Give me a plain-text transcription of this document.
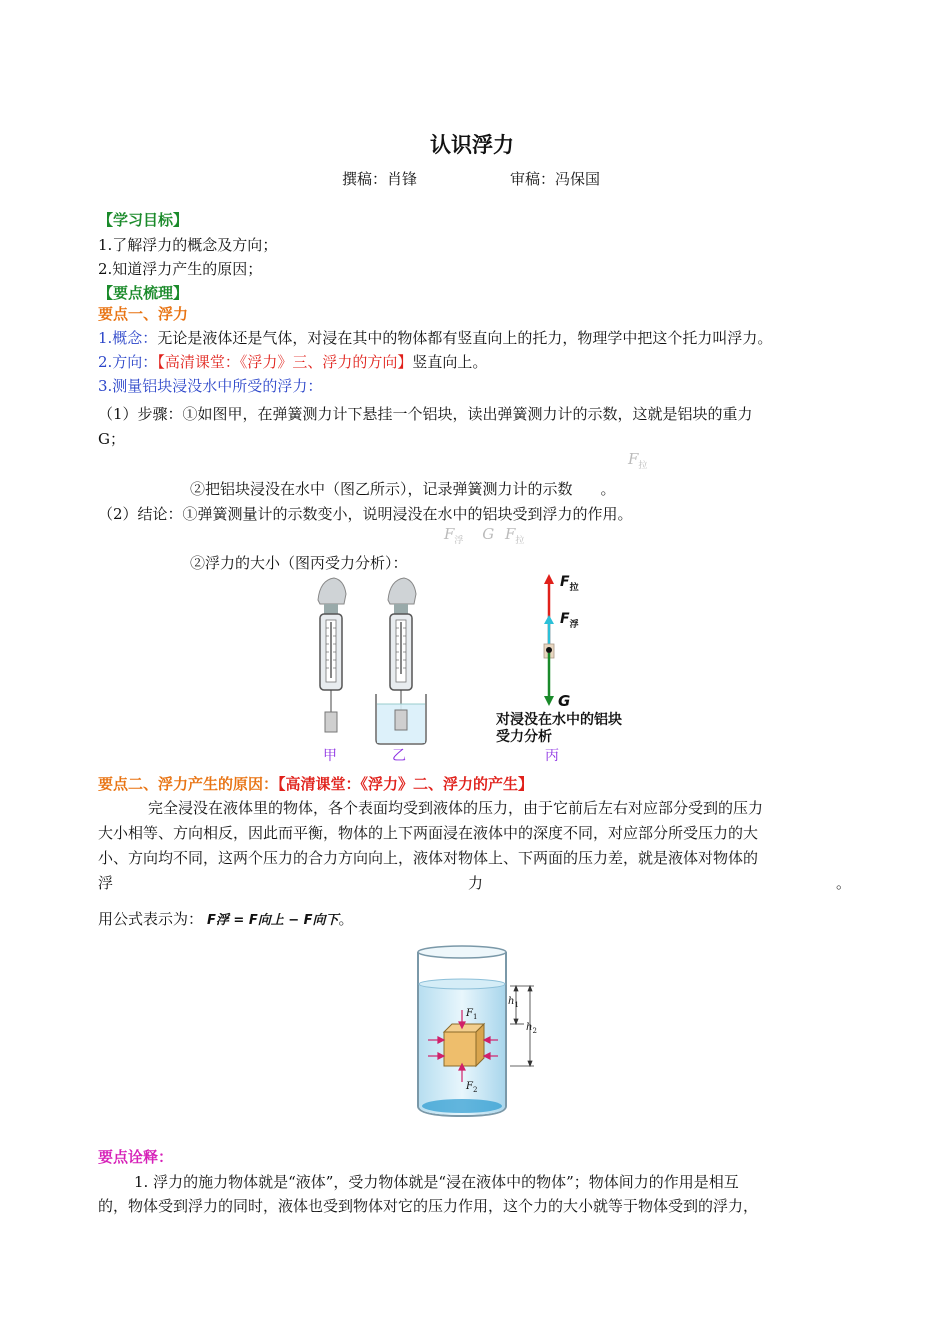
认识浮力
撰稿：肖锋	审稿：冯保国
【学习目标】
1.了解浮力的概念及方向；
2.知道浮力产生的原因；
【要点梳理】
要点一、浮力
1.概念：无论是液体还是气体，对浸在其中的物体都有竖直向上的托力，物理学中把这个托力叫浮力。
2.方向：【高清课堂：《浮力》三、浮力的方向】竖直向上。
3.测量铝块浸没水中所受的浮力：
（1）步骤：①如图甲，在弹簧测力计下悬挂一个铝块，读出弹簧测力计的示数，这就是铝块的重力
G；
$F_拉$
②把铝块浸没在水中（图乙所示），记录弹簧测力计的示数 。
（2）结论：①弹簧测量计的示数变小，说明浸没在水中的铝块受到浮力的作用。
$F_浮$ G $F_拉$
②浮力的大小（图丙受力分析）：
$F_拉$
$F_浮$
G
对浸没在水中的铝块
受力分析
甲	乙	丙
要点二、浮力产生的原因：【高清课堂：《浮力》二、浮力的产生】
完全浸没在液体里的物体，各个表面均受到液体的压力，由于它前后左右对应部分受到的压力
大小相等、方向相反，因此而平衡，物体的上下两面浸在液体中的深度不同，对应部分所受压力的大
小、方向均不同，这两个压力的合力方向向上，液体对物体上、下两面的压力差，就是液体对物体的
浮	力	。
用公式表示为： F浮 = F向上 − F向下。
$h_1$
$h_2$
$F_1$
$F_2$
要点诠释：
1. 浮力的施力物体就是“液体”，受力物体就是“浸在液体中的物体”；物体间力的作用是相互
的，物体受到浮力的同时，液体也受到物体对它的压力作用，这个力的大小就等于物体受到的浮力，
